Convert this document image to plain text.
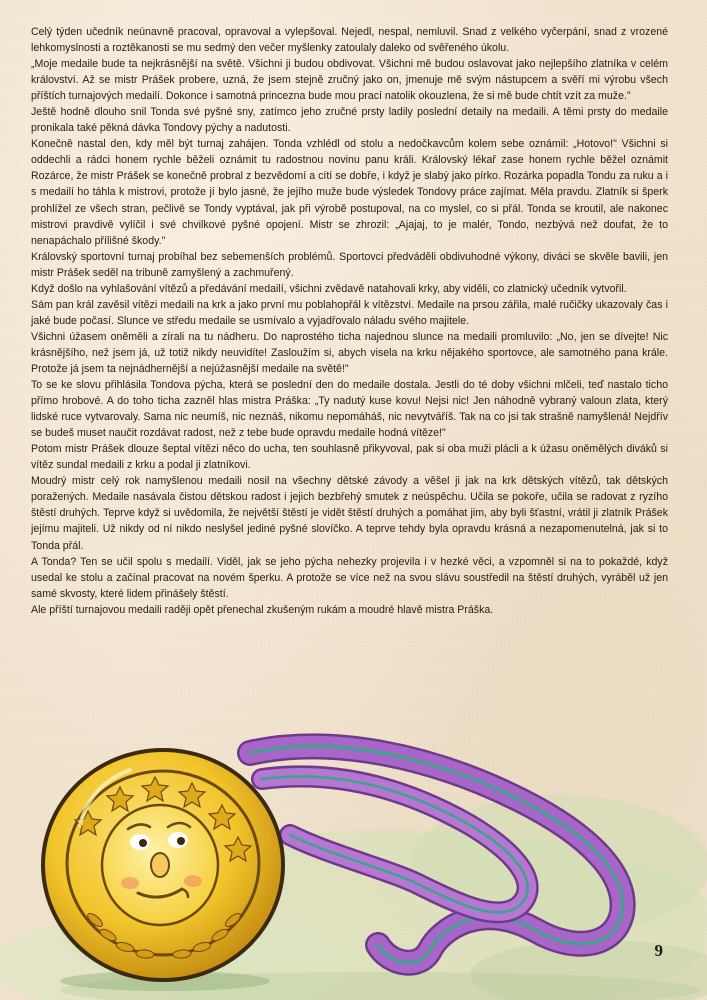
Celý týden učedník neúnavně pracoval, opravoval a vylepšoval. Nejedl, nespal, nemluvil. Snad z velkého vyčerpání, snad z vrozené lehkomyslnosti a roztěkanosti se mu sedmý den večer myšlenky zatoulaly daleko od svěřeného úkolu.

„Moje medaile bude ta nejkrásnější na světě. Všichni ji budou obdivovat. Všichni mě budou oslavovat jako nejlepšího zlatníka v celém království. Až se mistr Prášek probere, uzná, že jsem stejně zručný jako on, jmenuje mě svým nástupcem a svěří mi výrobu všech příštích turnajových medailí. Dokonce i samotná princezna bude mou prací natolik okouzlena, že si mě bude chtít vzít za muže."

Ještě hodně dlouho snil Tonda své pyšné sny, zatímco jeho zručné prsty ladily poslední detaily na medaili. A těmi prsty do medaile pronikala také pěkná dávka Tondovy pýchy a nadutosti.

Konečně nastal den, kdy měl být turnaj zahájen. Tonda vzhlédl od stolu a nedočkavcům kolem sebe oznámil: „Hotovo!" Všichni si oddechli a rádci honem rychle běželi oznámit tu radostnou novinu panu králi. Královský lékař zase honem rychle běžel oznámit Rozárce, že mistr Prášek se konečně probral z bezvědomí a cítí se dobře, i když je slabý jako pírko. Rozárka popadla Tondu za ruku a i s medailí ho táhla k mistrovi, protože jí bylo jasné, že jejího muže bude výsledek Tondovy práce zajímat. Měla pravdu. Zlatník si šperk prohlížel ze všech stran, pečlivě se Tondy vyptával, jak při výrobě postupoval, na co myslel, co si přál. Tonda se kroutil, ale nakonec mistrovi pravdivě vylíčil i své chvilkové pyšné opojení. Mistr se zhrozil: „Ajajaj, to je malér, Tondo, nezbývá než doufat, že to nenapáchalo přílišné škody."

Královský sportovní turnaj probíhal bez sebemenších problémů. Sportovci předváděli obdivuhodné výkony, diváci se skvěle bavili, jen mistr Prášek seděl na tribuně zamyšlený a zachmuřený.

Když došlo na vyhlašování vítězů a předávání medailí, všichni zvědavě natahovali krky, aby viděli, co zlatnický učedník vytvořil.

Sám pan král zavěsil vítězi medaili na krk a jako první mu poblahopřál k vítězství. Medaile na prsou zářila, malé ručičky ukazovaly čas i jaké bude počasí. Slunce ve středu medaile se usmívalo a vyjadřovalo náladu svého majitele.

Všichni úžasem oněměli a zírali na tu nádheru. Do naprostého ticha najednou slunce na medaili promluvilo: „No, jen se dívejte! Nic krásnějšího, než jsem já, už totiž nikdy neuvidíte! Zasloužím si, abych visela na krku nějakého sportovce, ale samotného pana krále. Protože já jsem ta nejnádhernější a nejúžasnější medaile na světě!"

To se ke slovu přihlásila Tondova pýcha, která se poslední den do medaile dostala. Jestli do té doby všichni mlčeli, teď nastalo ticho přímo hrobové. A do toho ticha zazněl hlas mistra Práška: „Ty nadutý kuse kovu! Nejsi nic! Jen náhodně vybraný valoun zlata, který lidské ruce vytvarovaly. Sama nic neumíš, nic neznáš, nikomu nepomáháš, nic nevytváříš. Tak na co jsi tak strašně namyšlená! Nejdřív se budeš muset naučit rozdávat radost, než z tebe bude opravdu medaile hodná vítěze!"

Potom mistr Prášek dlouze šeptal vítězi něco do ucha, ten souhlasně přikyvoval, pak si oba muži plácli a k úžasu oněmělých diváků si vítěz sundal medaili z krku a podal ji zlatníkovi.

Moudrý mistr celý rok namyšlenou medaili nosil na všechny dětské závody a věšel ji jak na krk dětských vítězů, tak dětských poražených. Medaile nasávala čistou dětskou radost i jejich bezbřehý smutek z neúspěchu. Učila se pokoře, učila se radovat z ryzího štěstí druhých. Teprve když si uvědomila, že největší štěstí je vidět štěstí druhých a pomáhat jim, aby byli šťastní, vrátil ji zlatník Prášek jejímu majiteli. Už nikdy od ní nikdo neslyšel jediné pyšné slovíčko. A teprve tehdy byla opravdu krásná a nezapomenutelná, jak si to Tonda přál.

A Tonda? Ten se učil spolu s medailí. Viděl, jak se jeho pýcha nehezky projevila i v hezké věci, a vzpomněl si na to pokaždé, když usedal ke stolu a začínal pracovat na novém šperku. A protože se více než na svou slávu soustředil na štěstí druhých, vyráběl už jen samé skvosty, které lidem přinášely štěstí.

Ale příští turnajovou medaili raději opět přenechal zkušeným rukám a moudré hlavě mistra Práška.

9
